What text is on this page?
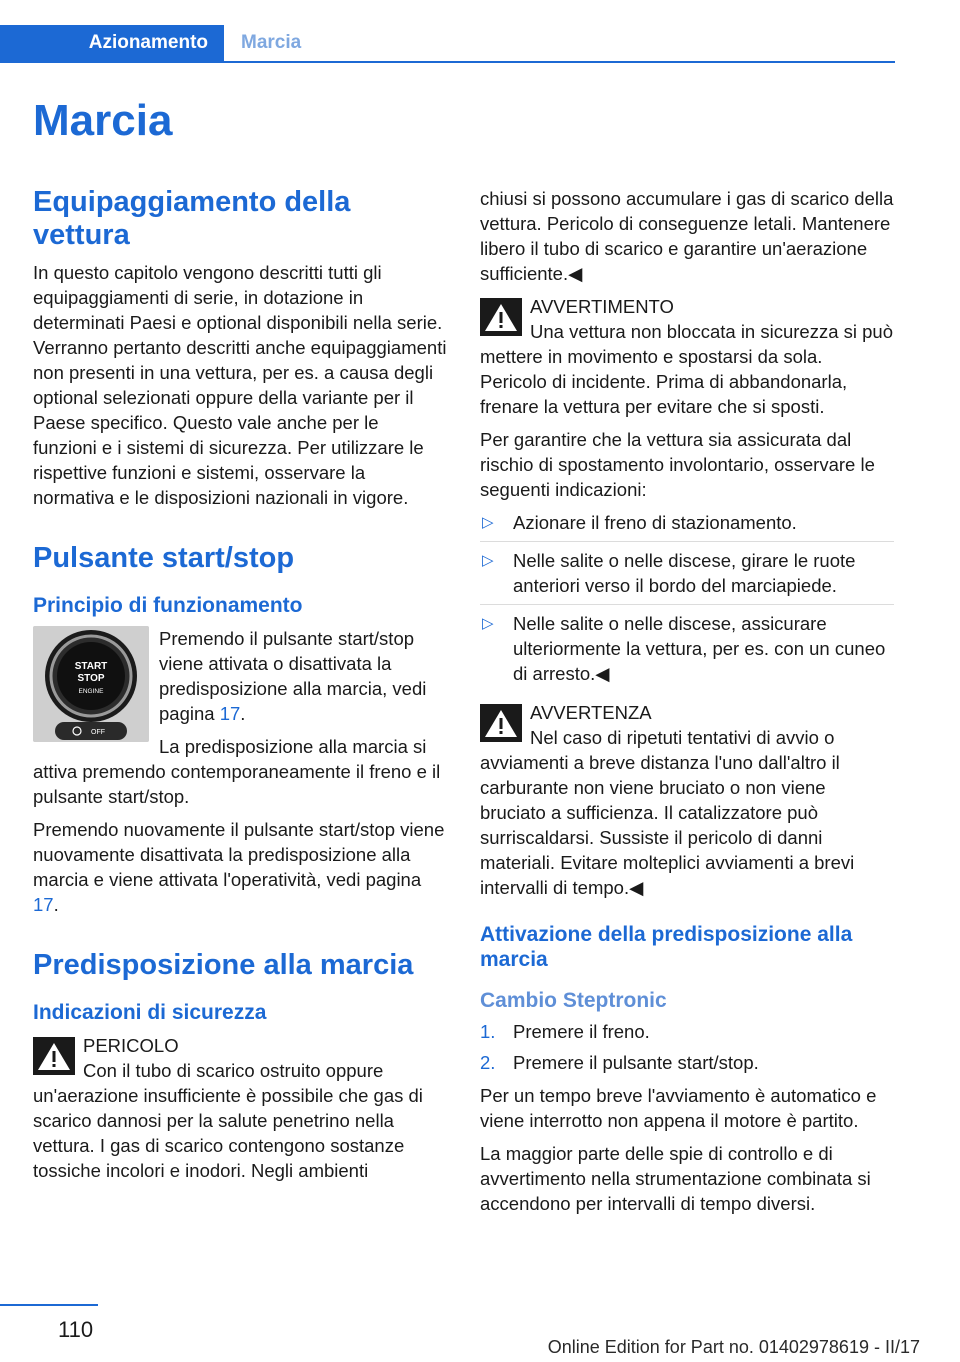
Azionamento	Marcia
Marcia
Equipaggiamento della vettura

In questo capitolo vengono descritti tutti gli equipaggiamenti di serie, in dotazione in determinati Paesi e optional disponibili nella serie. Verranno pertanto descritti anche equipaggiamenti non presenti in una vettura, per es. a causa degli optional selezionati oppure della variante per il Paese specifico. Questo vale anche per le funzioni e i sistemi di sicurezza. Per utilizzare le rispettive funzioni e sistemi, osservare la normativa e le disposizioni nazionali in vigore.

Pulsante start/stop
Principio di funzionamento
START
STOP
ENGINE
OFF

Premendo il pulsante start/stop viene attivata o disattivata la predisposizione alla marcia, vedi pagina 17.

La predisposizione alla marcia si attiva premendo contemporaneamente il freno e il pulsante start/stop.

Premendo nuovamente il pulsante start/stop viene nuovamente disattivata la predisposizione alla marcia e viene attivata l'operatività, vedi pagina 17.

Predisposizione alla marcia
Indicazioni di sicurezza
PERICOLO
Con il tubo di scarico ostruito oppure un'aerazione insufficiente è possibile che gas di scarico dannosi per la salute penetrino nella vettura. I gas di scarico contengono sostanze tossiche incolori e inodori. Negli ambienti

chiusi si possono accumulare i gas di scarico della vettura. Pericolo di conseguenze letali. Mantenere libero il tubo di scarico e garantire un'aerazione sufficiente.◀

AVVERTIMENTO
Una vettura non bloccata in sicurezza si può mettere in movimento e spostarsi da sola. Pericolo di incidente. Prima di abbandonarla, frenare la vettura per evitare che si sposti.

Per garantire che la vettura sia assicurata dal rischio di spostamento involontario, osservare le seguenti indicazioni:

▷ Azionare il freno di stazionamento.
▷ Nelle salite o nelle discese, girare le ruote anteriori verso il bordo del marciapiede.
▷ Nelle salite o nelle discese, assicurare ulteriormente la vettura, per es. con un cuneo di arresto.◀
AVVERTENZA
Nel caso di ripetuti tentativi di avvio o avviamenti a breve distanza l'uno dall'altro il carburante non viene bruciato o non viene bruciato a sufficienza. Il catalizzatore può surriscaldarsi. Sussiste il pericolo di danni materiali. Evitare molteplici avviamenti a brevi intervalli di tempo.◀
Attivazione della predisposizione alla marcia
Cambio Steptronic
1. Premere il freno.
2. Premere il pulsante start/stop.

Per un tempo breve l'avviamento è automatico e viene interrotto non appena il motore è partito.

La maggior parte delle spie di controllo e di avvertimento nella strumentazione combinata si accendono per intervalli di tempo diversi.

110
Online Edition for Part no. 01402978619 - II/17
